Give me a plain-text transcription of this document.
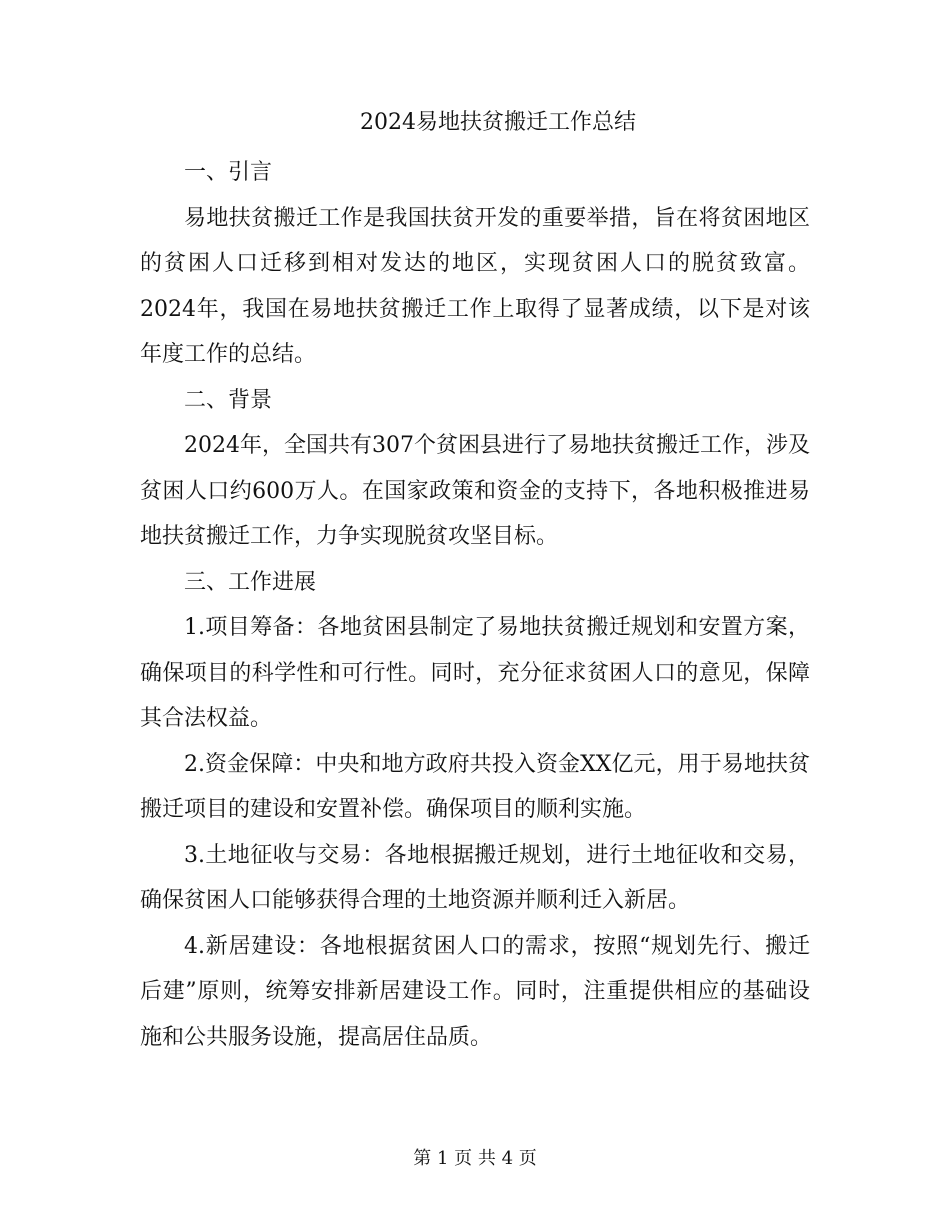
2024易地扶贫搬迁工作总结

一、引言

易地扶贫搬迁工作是我国扶贫开发的重要举措，旨在将贫困地区的贫困人口迁移到相对发达的地区，实现贫困人口的脱贫致富。2024年，我国在易地扶贫搬迁工作上取得了显著成绩，以下是对该年度工作的总结。

二、背景

2024年，全国共有307个贫困县进行了易地扶贫搬迁工作，涉及贫困人口约600万人。在国家政策和资金的支持下，各地积极推进易地扶贫搬迁工作，力争实现脱贫攻坚目标。

三、工作进展

1.项目筹备：各地贫困县制定了易地扶贫搬迁规划和安置方案，确保项目的科学性和可行性。同时，充分征求贫困人口的意见，保障其合法权益。

2.资金保障：中央和地方政府共投入资金XX亿元，用于易地扶贫搬迁项目的建设和安置补偿。确保项目的顺利实施。

3.土地征收与交易：各地根据搬迁规划，进行土地征收和交易，确保贫困人口能够获得合理的土地资源并顺利迁入新居。

4.新居建设：各地根据贫困人口的需求，按照“规划先行、搬迁后建”原则，统筹安排新居建设工作。同时，注重提供相应的基础设施和公共服务设施，提高居住品质。

第 1 页 共 4 页
